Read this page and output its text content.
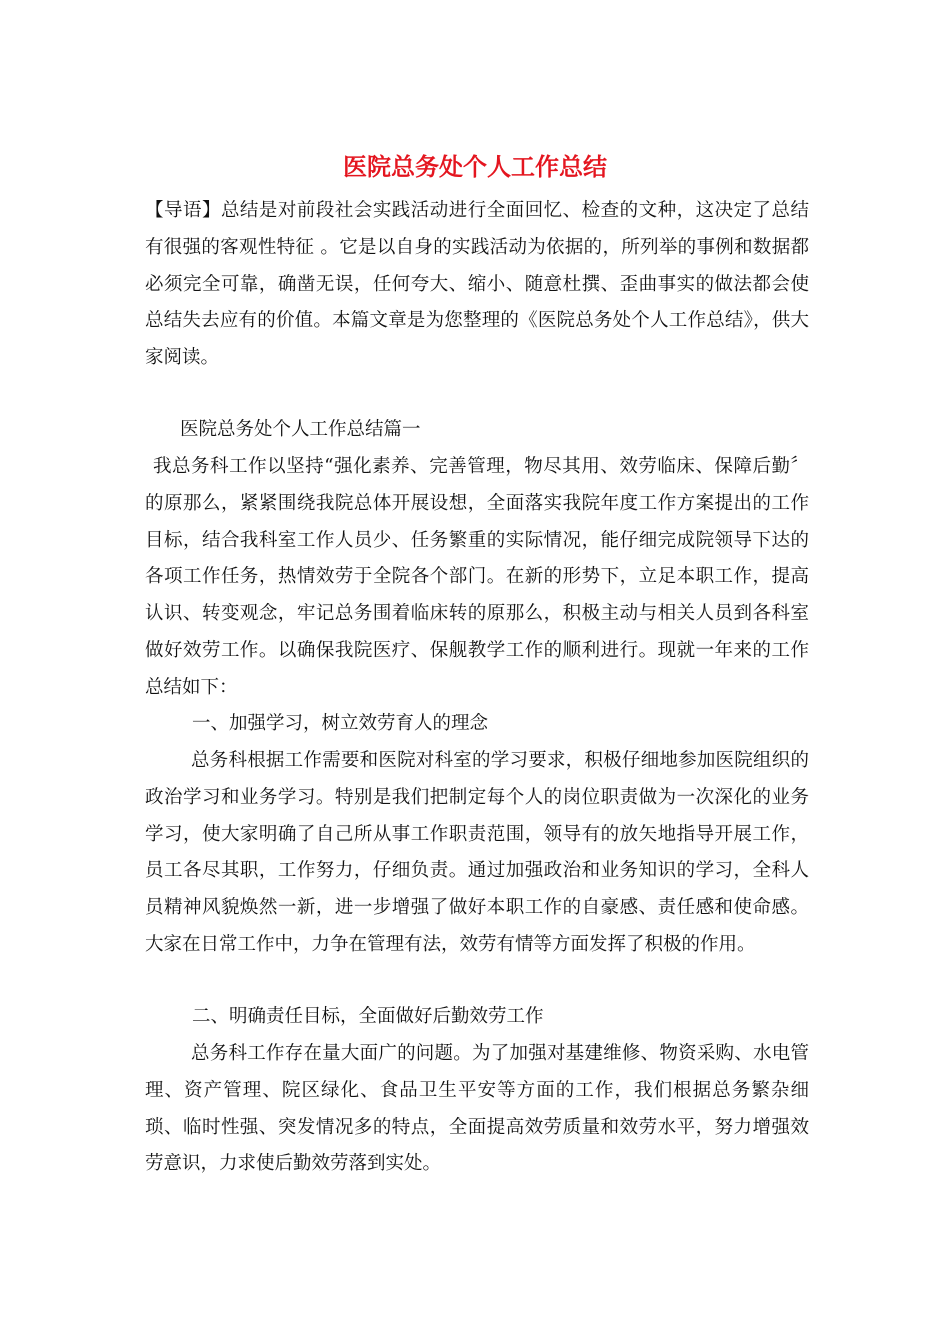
医院总务处个人工作总结

【导语】总结是对前段社会实践活动进行全面回忆、检查的文种，这决定了总结有很强的客观性特征 。它是以自身的实践活动为依据的，所列举的事例和数据都必须完全可靠，确凿无误，任何夸大、缩小、随意杜撰、歪曲事实的做法都会使总结失去应有的价值。本篇文章是为您整理的《医院总务处个人工作总结》，供大家阅读。

医院总务处个人工作总结篇一

我总务科工作以坚持“强化素养、完善管理，物尽其用、效劳临床、保障后勤〞的原那么，紧紧围绕我院总体开展设想，全面落实我院年度工作方案提出的工作目标，结合我科室工作人员少、任务繁重的实际情况，能仔细完成院领导下达的各项工作任务，热情效劳于全院各个部门。在新的形势下，立足本职工作，提高认识、转变观念，牢记总务围着临床转的原那么，积极主动与相关人员到各科室做好效劳工作。以确保我院医疗、保舰教学工作的顺利进行。现就一年来的工作总结如下：

一、加强学习，树立效劳育人的理念

总务科根据工作需要和医院对科室的学习要求，积极仔细地参加医院组织的政治学习和业务学习。特别是我们把制定每个人的岗位职责做为一次深化的业务学习，使大家明确了自己所从事工作职责范围，领导有的放矢地指导开展工作，员工各尽其职，工作努力，仔细负责。通过加强政治和业务知识的学习，全科人员精神风貌焕然一新，进一步增强了做好本职工作的自豪感、责任感和使命感。大家在日常工作中，力争在管理有法，效劳有情等方面发挥了积极的作用。

二、明确责任目标，全面做好后勤效劳工作

总务科工作存在量大面广的问题。为了加强对基建维修、物资采购、水电管理、资产管理、院区绿化、食品卫生平安等方面的工作，我们根据总务繁杂细琐、临时性强、突发情况多的特点，全面提高效劳质量和效劳水平，努力增强效劳意识，力求使后勤效劳落到实处。
